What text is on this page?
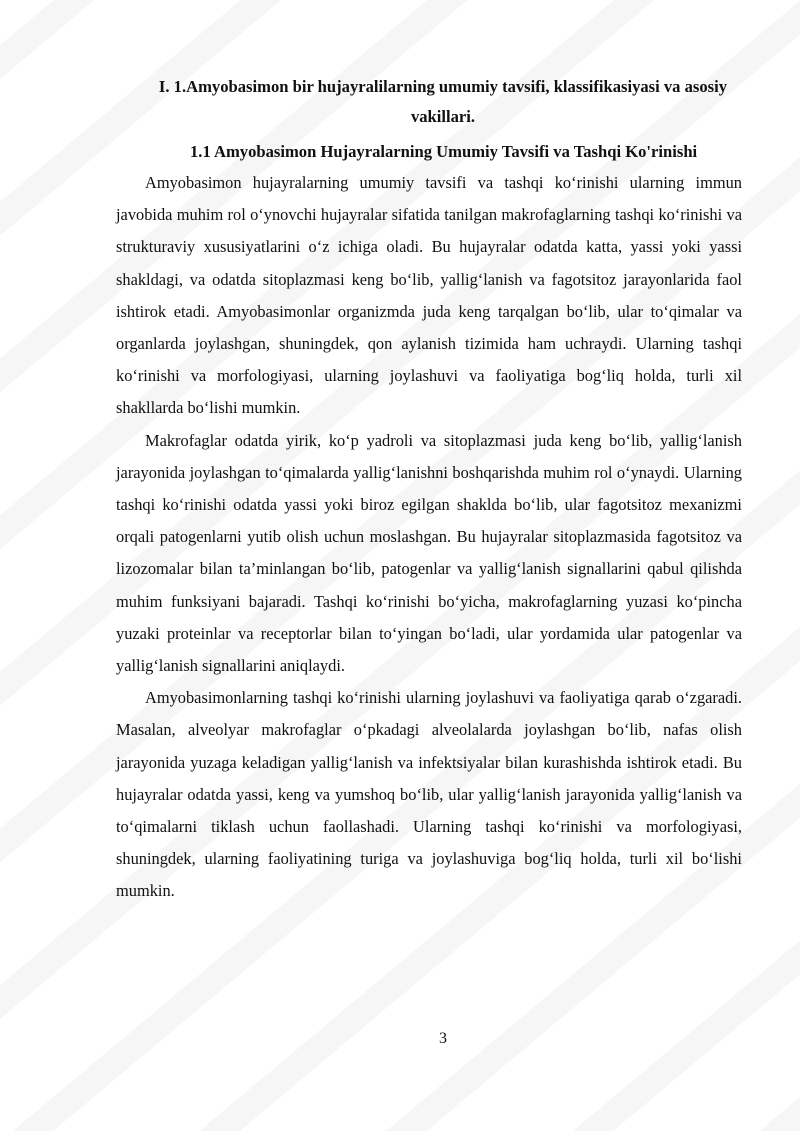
I. 1.Amyobasimon bir hujayralilarning umumiy tavsifi, klassifikasiyasi va asosiy vakillari.
1.1 Amyobasimon Hujayralarning Umumiy Tavsifi va Tashqi Ko'rinishi

Amyobasimon hujayralarning umumiy tavsifi va tashqi ko‘rinishi ularning immun javobida muhim rol o‘ynovchi hujayralar sifatida tanilgan makrofaglarning tashqi ko‘rinishi va strukturaviy xususiyatlarini o‘z ichiga oladi. Bu hujayralar odatda katta, yassi yoki yassi shakldagi, va odatda sitoplazmasi keng bo‘lib, yallig‘lanish va fagotsitoz jarayonlarida faol ishtirok etadi. Amyobasimonlar organizmda juda keng tarqalgan bo‘lib, ular to‘qimalar va organlarda joylashgan, shuningdek, qon aylanish tizimida ham uchraydi. Ularning tashqi ko‘rinishi va morfologiyasi, ularning joylashuvi va faoliyatiga bog‘liq holda, turli xil shakllarda bo‘lishi mumkin.

Makrofaglar odatda yirik, ko‘p yadroli va sitoplazmasi juda keng bo‘lib, yallig‘lanish jarayonida joylashgan to‘qimalarda yallig‘lanishni boshqarishda muhim rol o‘ynaydi. Ularning tashqi ko‘rinishi odatda yassi yoki biroz egilgan shaklda bo‘lib, ular fagotsitoz mexanizmi orqali patogenlarni yutib olish uchun moslashgan. Bu hujayralar sitoplazmasida fagotsitoz va lizozomalar bilan ta’minlangan bo‘lib, patogenlar va yallig‘lanish signallarini qabul qilishda muhim funksiyani bajaradi. Tashqi ko‘rinishi bo‘yicha, makrofaglarning yuzasi ko‘pincha yuzaki proteinlar va receptorlar bilan to‘yingan bo‘ladi, ular yordamida ular patogenlar va yallig‘lanish signallarini aniqlaydi.

Amyobasimonlarning tashqi ko‘rinishi ularning joylashuvi va faoliyatiga qarab o‘zgaradi. Masalan, alveolyar makrofaglar o‘pkadagi alveolalarda joylashgan bo‘lib, nafas olish jarayonida yuzaga keladigan yallig‘lanish va infektsiyalar bilan kurashishda ishtirok etadi. Bu hujayralar odatda yassi, keng va yumshoq bo‘lib, ular yallig‘lanish jarayonida yallig‘lanish va to‘qimalarni tiklash uchun faollashadi. Ularning tashqi ko‘rinishi va morfologiyasi, shuningdek, ularning faoliyatining turiga va joylashuviga bog‘liq holda, turli xil bo‘lishi mumkin.

3
